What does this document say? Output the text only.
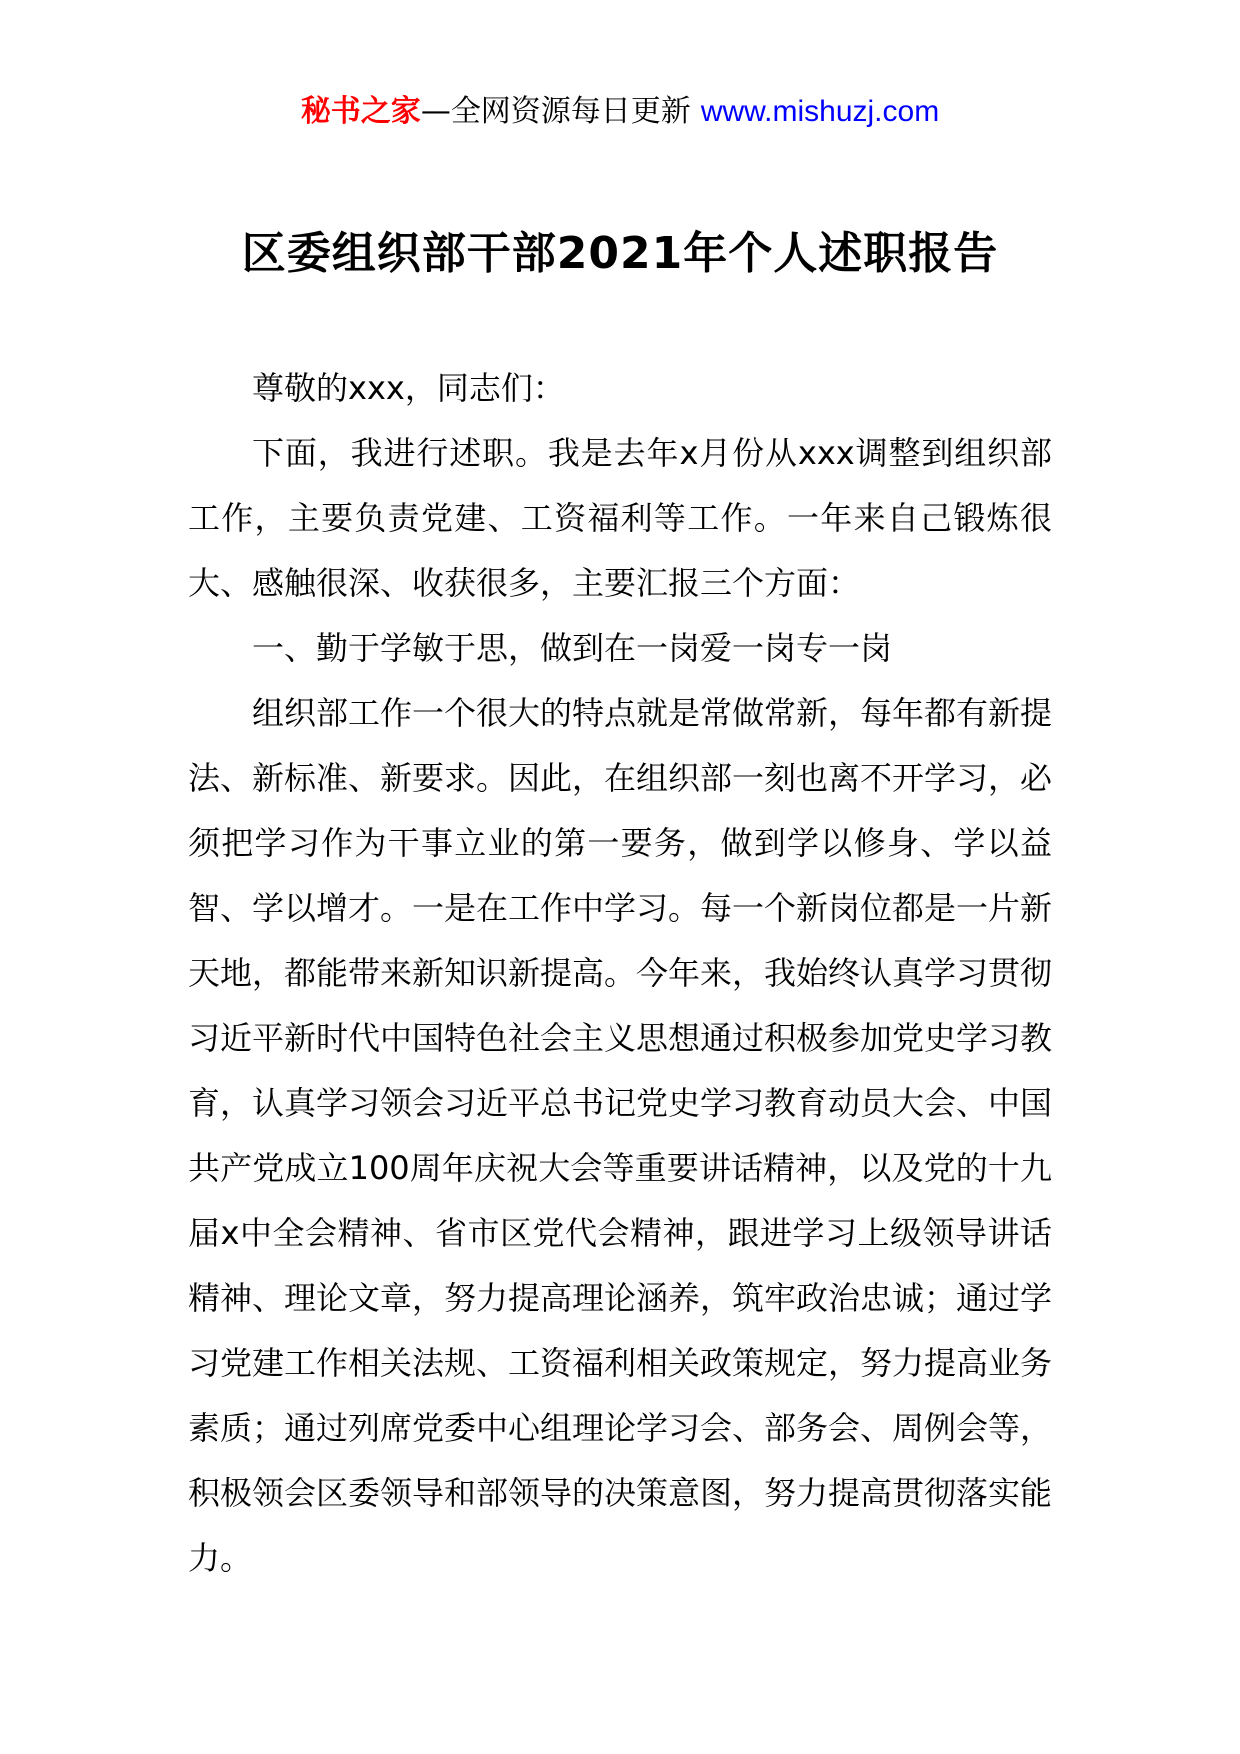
秘书之家—全网资源每日更新 www.mishuzj.com
区委组织部干部2021年个人述职报告

尊敬的xxx，同志们：

下面，我进行述职。我是去年x月份从xxx调整到组织部工作，主要负责党建、工资福利等工作。一年来自己锻炼很大、感触很深、收获很多，主要汇报三个方面：

一、勤于学敏于思，做到在一岗爱一岗专一岗

组织部工作一个很大的特点就是常做常新，每年都有新提法、新标准、新要求。因此，在组织部一刻也离不开学习，必须把学习作为干事立业的第一要务，做到学以修身、学以益智、学以增才。一是在工作中学习。每一个新岗位都是一片新天地，都能带来新知识新提高。今年来，我始终认真学习贯彻习近平新时代中国特色社会主义思想通过积极参加党史学习教育，认真学习领会习近平总书记党史学习教育动员大会、中国共产党成立100周年庆祝大会等重要讲话精神，以及党的十九届x中全会精神、省市区党代会精神，跟进学习上级领导讲话精神、理论文章，努力提高理论涵养，筑牢政治忠诚；通过学习党建工作相关法规、工资福利相关政策规定，努力提高业务素质；通过列席党委中心组理论学习会、部务会、周例会等，积极领会区委领导和部领导的决策意图，努力提高贯彻落实能力。
